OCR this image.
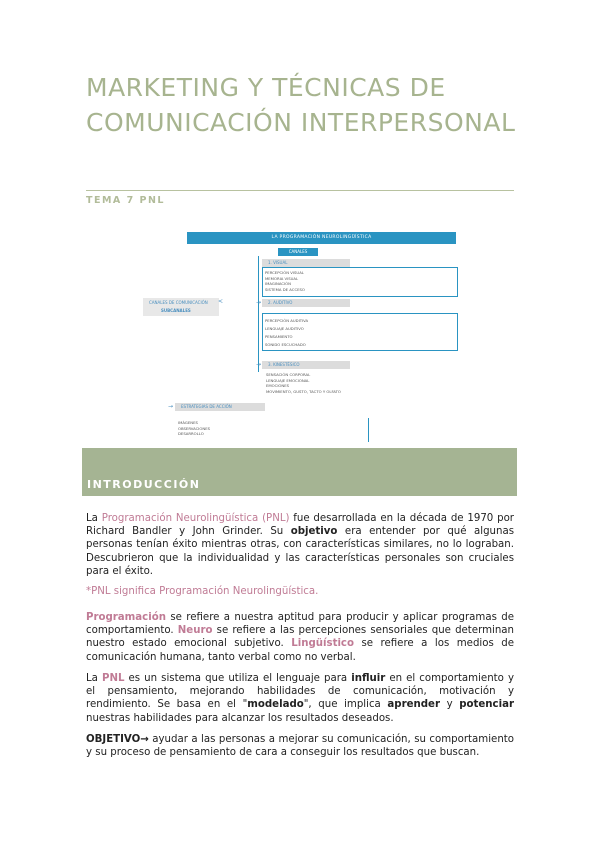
MARKETING Y TÉCNICAS DE COMUNICACIÓN INTERPERSONAL
TEMA 7 PNL
LA PROGRAMACIÓN NEUROLINGÜÍSTICA
CANALES
1. VISUAL
PERCEPCIÓN VISUAL
MEMORIA VISUAL
IMAGINACIÓN
SISTEMA DE ACCESO
CANALES DE COMUNICACIÓN
SUBCANALES
<	→	2. AUDITIVO
PERCEPCIÓN AUDITIVA
LENGUAJE AUDITIVO
PENSAMIENTO
SONIDO ESCUCHADO
→	3. KINESTÉSICO
SENSACIÓN CORPORAL
LENGUAJE EMOCIONAL
EMOCIONES
MOVIMIENTO, GUSTO, TACTO Y OLFATO
→	ESTRATEGIAS DE ACCIÓN
IMÁGENES
OBSERVACIONES
DESARROLLO
INTRODUCCIÓN
La Programación Neurolingüística (PNL) fue desarrollada en la década de 1970 por Richard Bandler y John Grinder. Su objetivo era entender por qué algunas personas tenían éxito mientras otras, con características similares, no lo lograban. Descubrieron que la individualidad y las características personales son cruciales para el éxito.
*PNL significa Programación Neurolingüística.
Programación se refiere a nuestra aptitud para producir y aplicar programas de comportamiento. Neuro se refiere a las percepciones sensoriales que determinan nuestro estado emocional subjetivo. Lingüístico se refiere a los medios de comunicación humana, tanto verbal como no verbal.
La PNL es un sistema que utiliza el lenguaje para influir en el comportamiento y el pensamiento, mejorando habilidades de comunicación, motivación y rendimiento. Se basa en el "modelado", que implica aprender y potenciar nuestras habilidades para alcanzar los resultados deseados.
OBJETIVO→ ayudar a las personas a mejorar su comunicación, su comportamiento y su proceso de pensamiento de cara a conseguir los resultados que buscan.
